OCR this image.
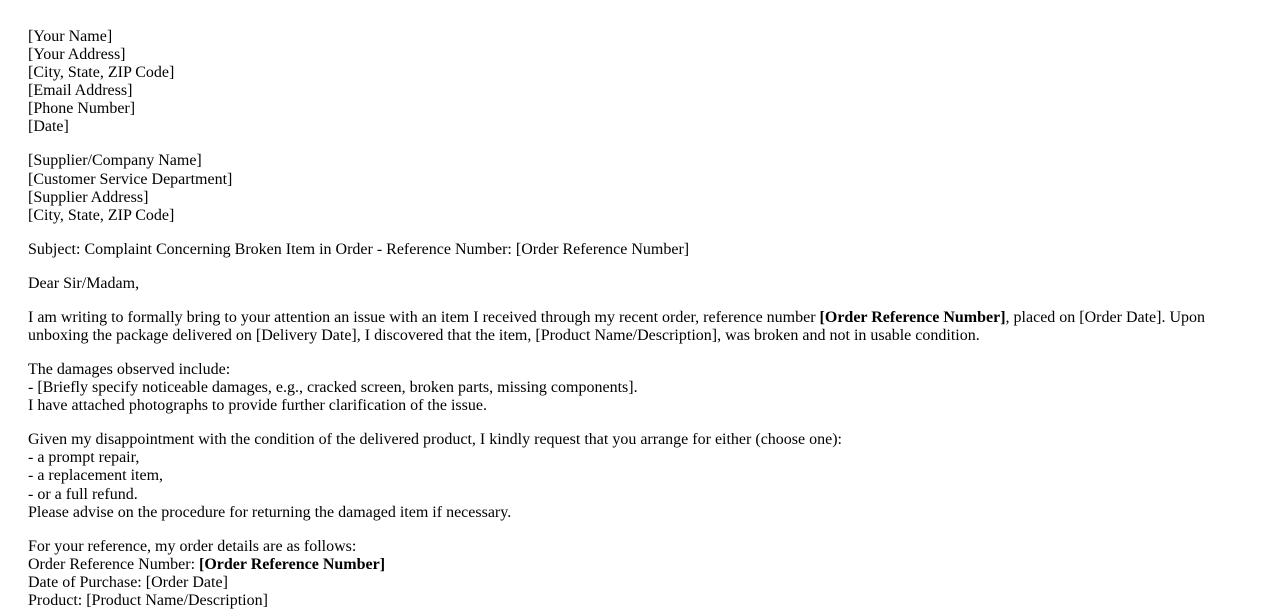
[Your Name]
[Your Address]
[City, State, ZIP Code]
[Email Address]
[Phone Number]
[Date]

[Supplier/Company Name]
[Customer Service Department]
[Supplier Address]
[City, State, ZIP Code]

Subject: Complaint Concerning Broken Item in Order - Reference Number: [Order Reference Number]

Dear Sir/Madam,

I am writing to formally bring to your attention an issue with an item I received through my recent order, reference number [Order Reference Number], placed on [Order Date]. Upon
unboxing the package delivered on [Delivery Date], I discovered that the item, [Product Name/Description], was broken and not in usable condition.

The damages observed include:
- [Briefly specify noticeable damages, e.g., cracked screen, broken parts, missing components].
I have attached photographs to provide further clarification of the issue.

Given my disappointment with the condition of the delivered product, I kindly request that you arrange for either (choose one):
- a prompt repair,
- a replacement item,
- or a full refund.
Please advise on the procedure for returning the damaged item if necessary.

For your reference, my order details are as follows:
Order Reference Number: [Order Reference Number]
Date of Purchase: [Order Date]
Product: [Product Name/Description]
